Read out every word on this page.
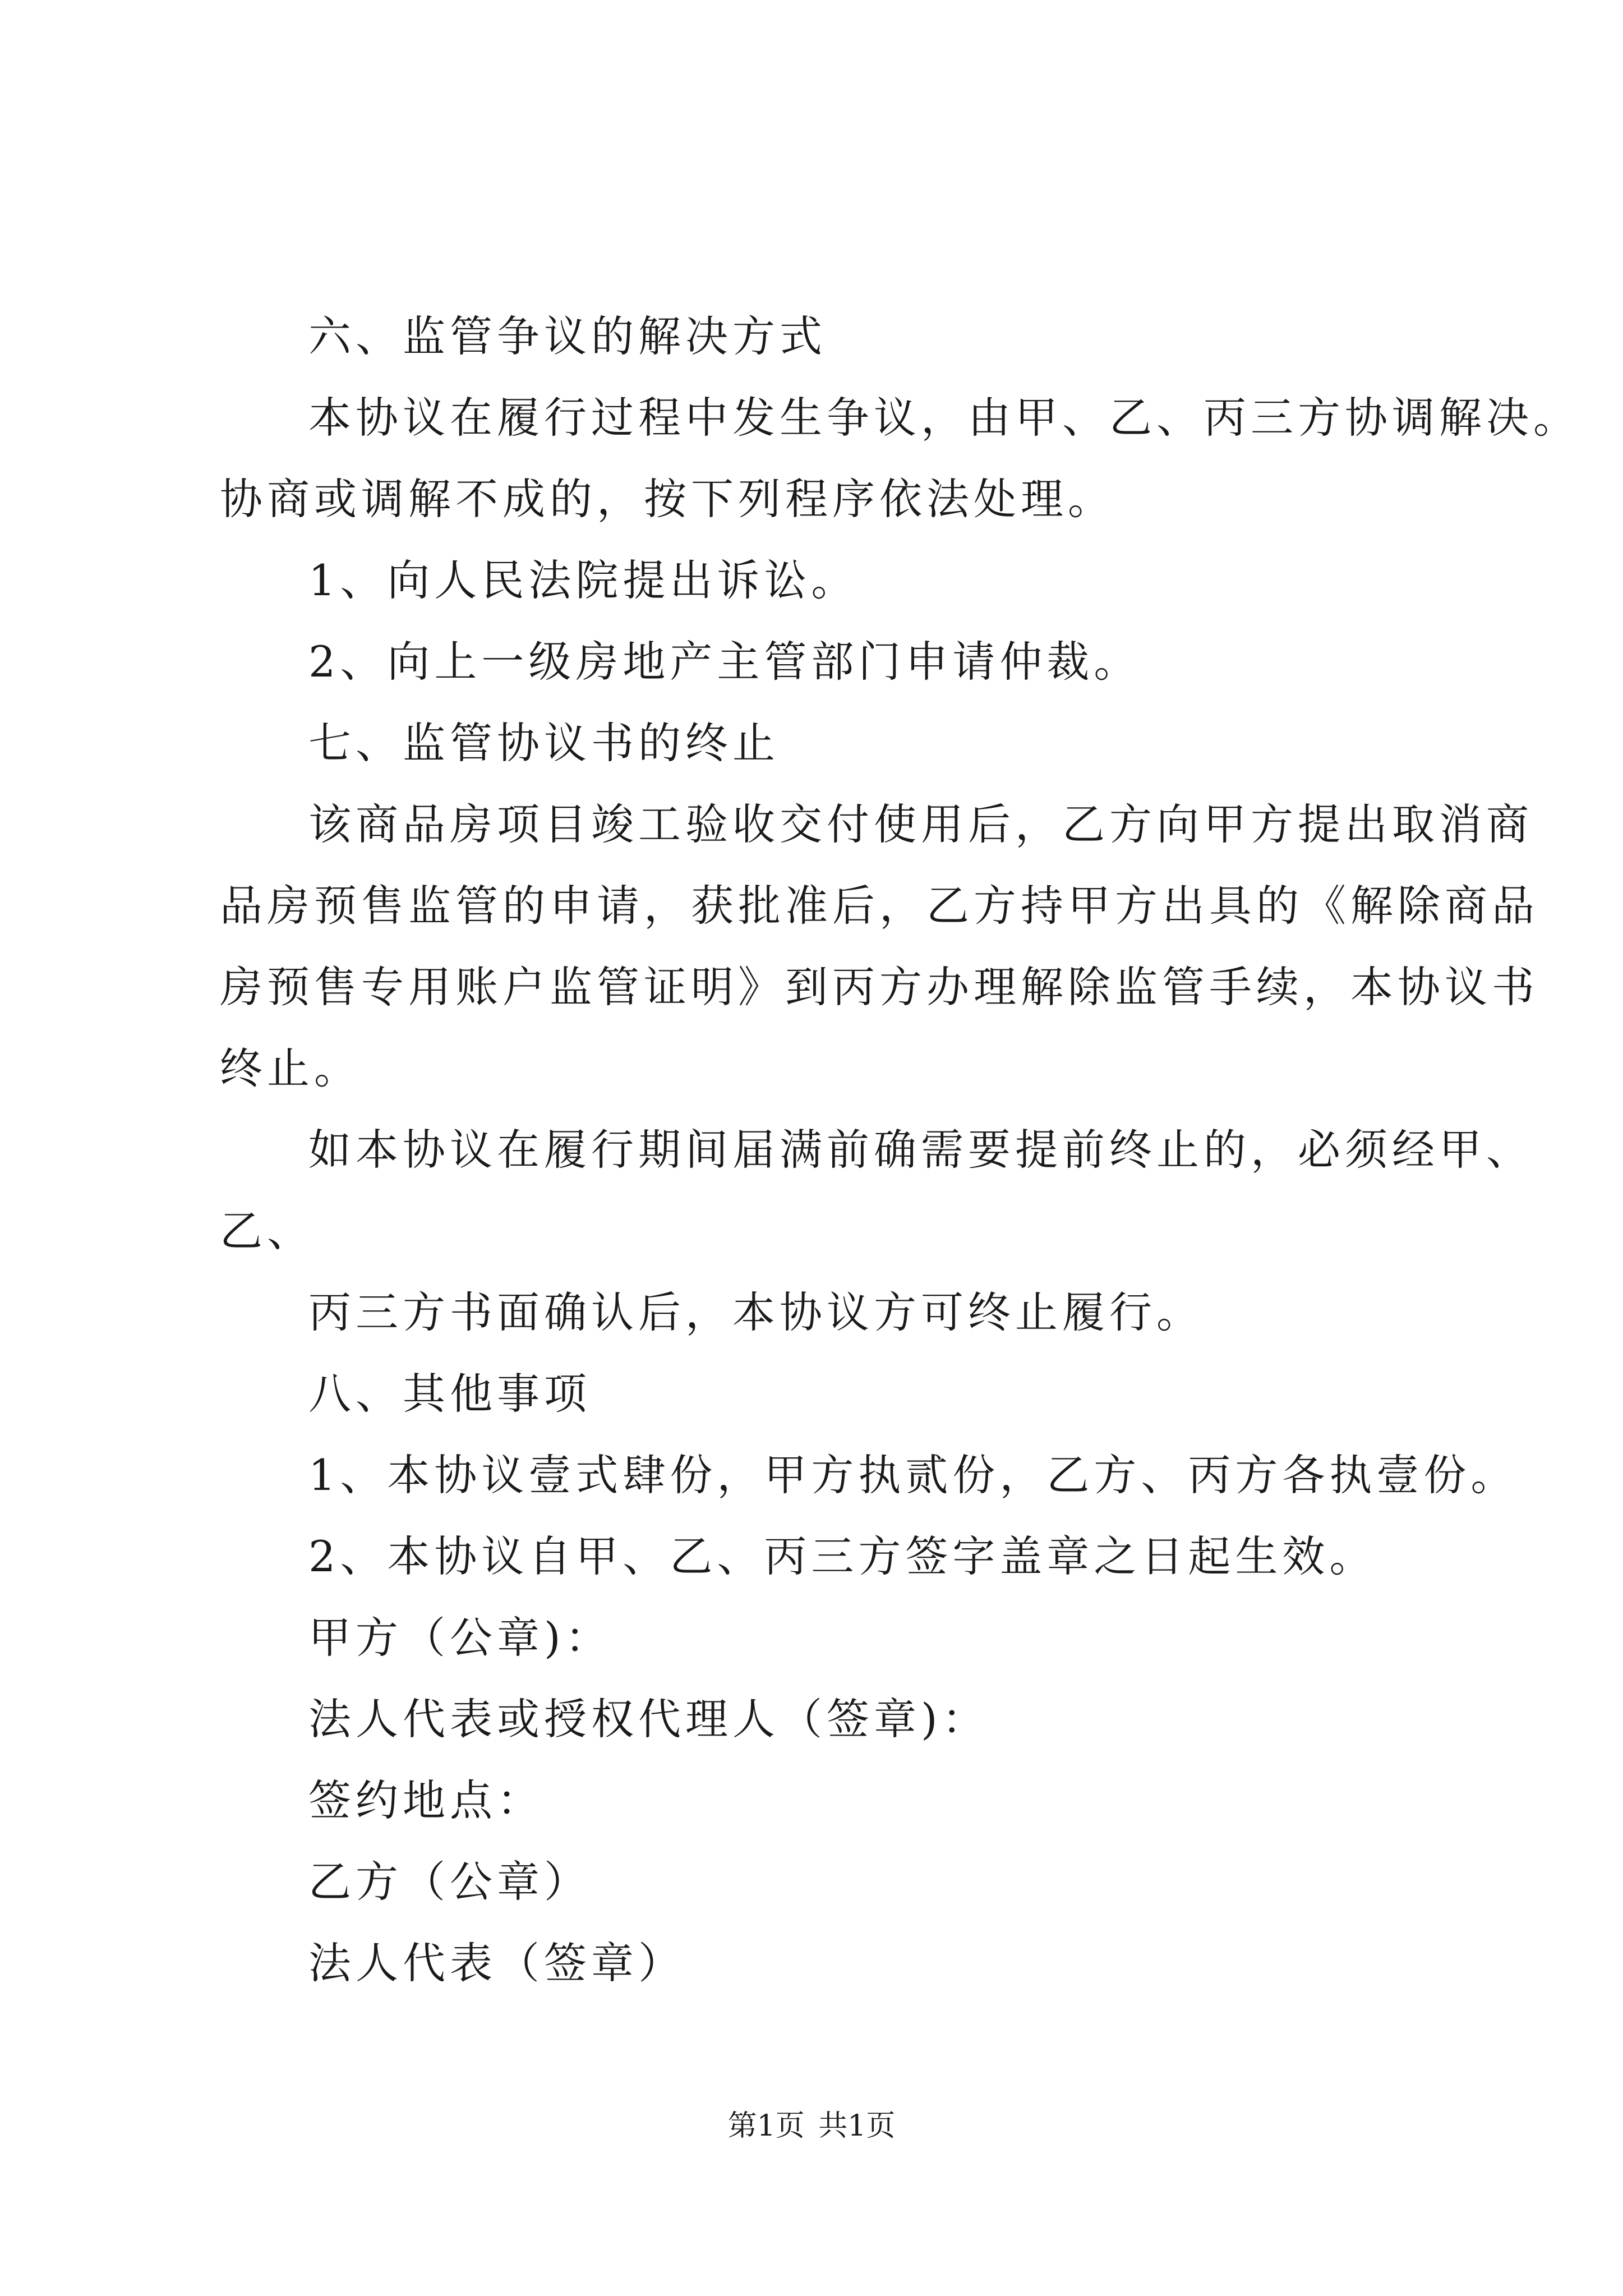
六、监管争议的解决方式
本协议在履行过程中发生争议，由甲、乙、丙三方协调解决。
协商或调解不成的，按下列程序依法处理。
1、向人民法院提出诉讼。
2、向上一级房地产主管部门申请仲裁。
七、监管协议书的终止
该商品房项目竣工验收交付使用后，乙方向甲方提出取消商
品房预售监管的申请，获批准后，乙方持甲方出具的《解除商品
房预售专用账户监管证明》到丙方办理解除监管手续，本协议书
终止。
如本协议在履行期间届满前确需要提前终止的，必须经甲、
乙、
丙三方书面确认后，本协议方可终止履行。
八、其他事项
1、本协议壹式肆份，甲方执贰份，乙方、丙方各执壹份。
2、本协议自甲、乙、丙三方签字盖章之日起生效。
甲方（公章)：
法人代表或授权代理人（签章)：
签约地点：
乙方（公章）
法人代表（签章）
第1页 共1页
